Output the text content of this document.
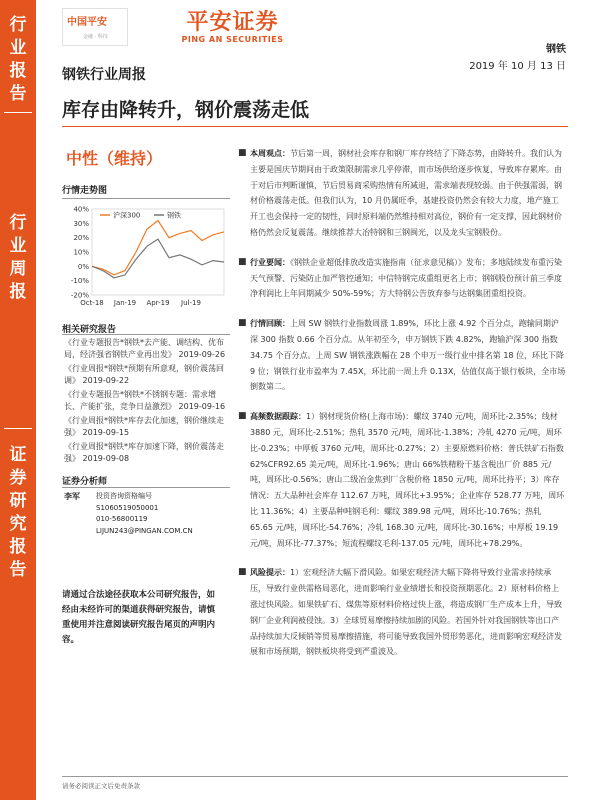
行
业
报
告
行
业
周
报
证
券
研
究
报
告
中国平安
金融 · 科技
平安证券
PING AN SECURITIES
钢铁
2019 年 10 月 13 日
钢铁行业周报
库存由降转升，钢价震荡走低
中性（维持）
行情走势图
-20%
-10%
0%
10%
20%
30%
40%
Oct-18 Jan-19 Apr-19 Jul-19
沪深300	钢铁
相关研究报告
《行业专题报告*钢铁*去产能、调结构、优布局，经济强省钢铁产业再出发》 2019-09-26
《行业周报*钢铁*预期有所意观，钢价震荡回调》 2019-09-22
《行业专题报告*钢铁*不锈钢专题：需求增长、产能扩张，竞争日益激烈》 2019-09-16
《行业周报*钢铁*库存去化加速，钢价继续走强》 2019-09-15
《行业周报*钢铁*库存加速下降，钢价震荡走强》 2019-09-08
证券分析师
李军 投资咨询资格编号
S1060519050001
010-56800119
LIJUN243@PINGAN.COM.CN
请通过合法途径获取本公司研究报告，如经由未经许可的渠道获得研究报告，请慎重使用并注意阅读研究报告尾页的声明内容。
■ 本周观点：节后第一周，钢材社会库存和钢厂库存终结了下降态势，由降转升。我们认为主要是国庆节期间由于政策限制需求几乎停滞，而市场供给逐步恢复，导致库存累库。由于对后市判断谨慎，节后贸易商采购热情有所减退，需求端表现较弱。由于供强需弱，钢材价格震荡走低。但我们认为，10 月仍属旺季，基建投资仍然会有较大力度，地产施工开工也会保持一定的韧性，同时原料端仍然维持相对高位，钢价有一定支撑，因此钢材价格仍然会反复震荡。继续推荐大冶特钢和三钢闽光，以及龙头宝钢股份。
■ 行业要闻：《钢铁企业超低排放改造实施指南（征求意见稿）》发布；多地陆续发布重污染天气预警、污染防止加严管控通知；中信特钢完成重组更名上市；钢钢股份预计前三季度净利润比上年同期减少 50%-59%；方大特钢公告放弃参与达钢集团重组投资。
■ 行情回顾：上周 SW 钢铁行业指数周涨 1.89%，环比上涨 4.92 个百分点，跑输同期沪深 300 指数 0.66 个百分点。从年初至今，申万钢铁下跌 4.82%，跑输沪深 300 指数 34.75 个百分点。上周 SW 钢铁涨跌幅在 28 个申万一级行业中排名第 18 位，环比下降 9 位；钢铁行业市盈率为 7.45X，环比前一周上升 0.13X，估值仅高于银行板块，全市场倒数第二。
■ 高频数据跟踪：1）钢材现货价格(上海市场)：螺纹 3740 元/吨，周环比-2.35%；线材 3880 元，周环比-2.51%；热轧 3570 元/吨，周环比-1.38%；冷轧 4270 元/吨，周环比-0.23%；中厚板 3760 元/吨，周环比-0.27%；2）主要原燃料价格：普氏铁矿石指数 62%CFR92.65 美元/吨，周环比-1.96%；唐山 66%铁精粉干基含税出厂价 885 元/吨，周环比-0.56%；唐山二级冶金焦到厂含税价格 1850 元/吨，周环比持平；3）库存情况：五大品种社会库存 112.67 万吨，周环比+3.95%；企业库存 528.77 万吨，周环比 11.36%；4）主要品种吨钢毛利：螺纹 389.98 元/吨，周环比-10.76%；热轧 65.65 元/吨，周环比-54.76%；冷轧 168.30 元/吨，周环比-30.16%；中厚板 19.19 元/吨，周环比-77.37%；短流程螺纹毛利-137.05 元/吨，周环比+78.29%。
■ 风险提示：1）宏观经济大幅下滑风险。如果宏观经济大幅下降将导致行业需求持续承压，导致行业供需格局恶化，进而影响行业业绩增长和投资预期恶化。2）原材料价格上涨过快风险。如果铁矿石、煤焦等原材料价格过快上涨，将造成钢厂生产成本上升，导致钢厂企业利润被侵蚀。3）全球贸易摩擦持续加剧的风险。若国外针对我国钢铁等出口产品持续加大反倾销等贸易摩擦措施，将可能导致我国外贸形势恶化，进而影响宏观经济发展和市场预期，钢铁板块将受到严重波及。
请务必阅读正文后免责条款
